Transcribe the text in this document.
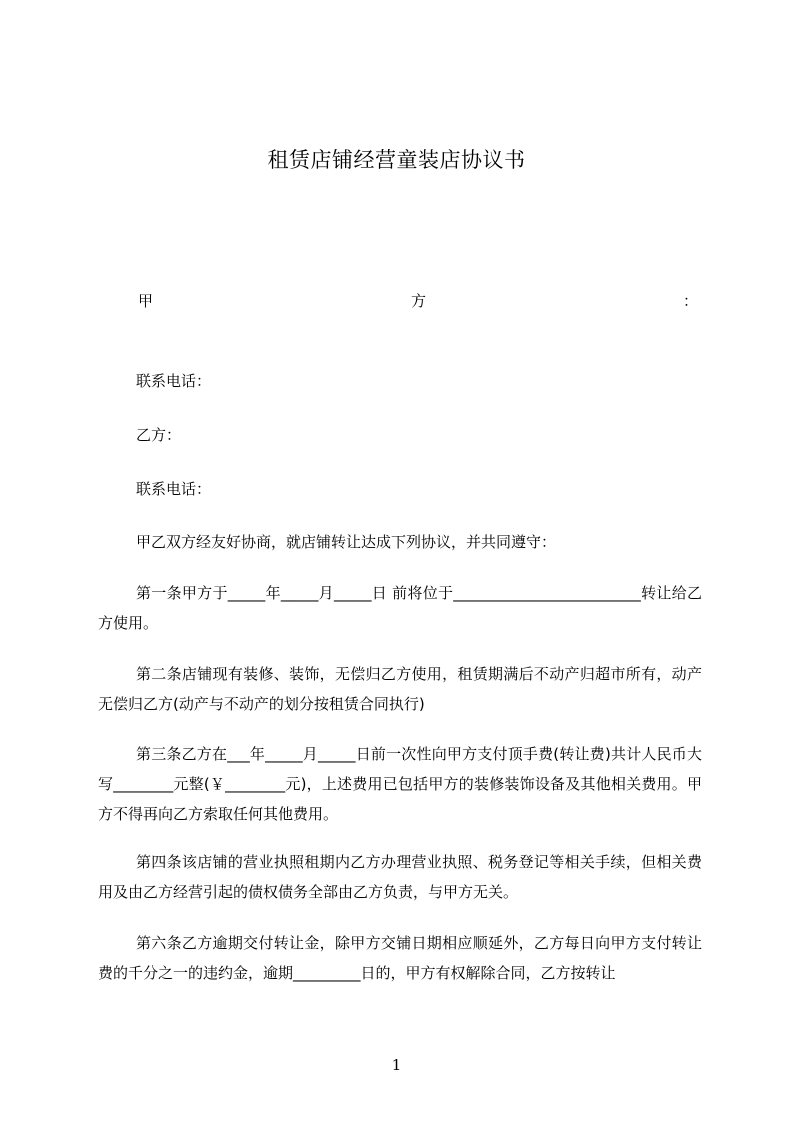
租赁店铺经营童装店协议书
甲	方	：
联系电话：
乙方：
联系电话：
甲乙双方经友好协商，就店铺转让达成下列协议，并共同遵守：
第一条甲方于_____年_____月_____日 前将位于_________________________转让给乙方使用。
第二条店铺现有装修、装饰，无偿归乙方使用，租赁期满后不动产归超市所有，动产无偿归乙方(动产与不动产的划分按租赁合同执行)
第三条乙方在___年_____月_____日前一次性向甲方支付顶手费(转让费)共计人民币大写________元整(￥________元)，上述费用已包括甲方的装修装饰设备及其他相关费用。甲方不得再向乙方索取任何其他费用。
第四条该店铺的营业执照租期内乙方办理营业执照、税务登记等相关手续，但相关费用及由乙方经营引起的债权债务全部由乙方负责，与甲方无关。
第六条乙方逾期交付转让金，除甲方交铺日期相应顺延外，乙方每日向甲方支付转让费的千分之一的违约金，逾期_________日的，甲方有权解除合同，乙方按转让
1
